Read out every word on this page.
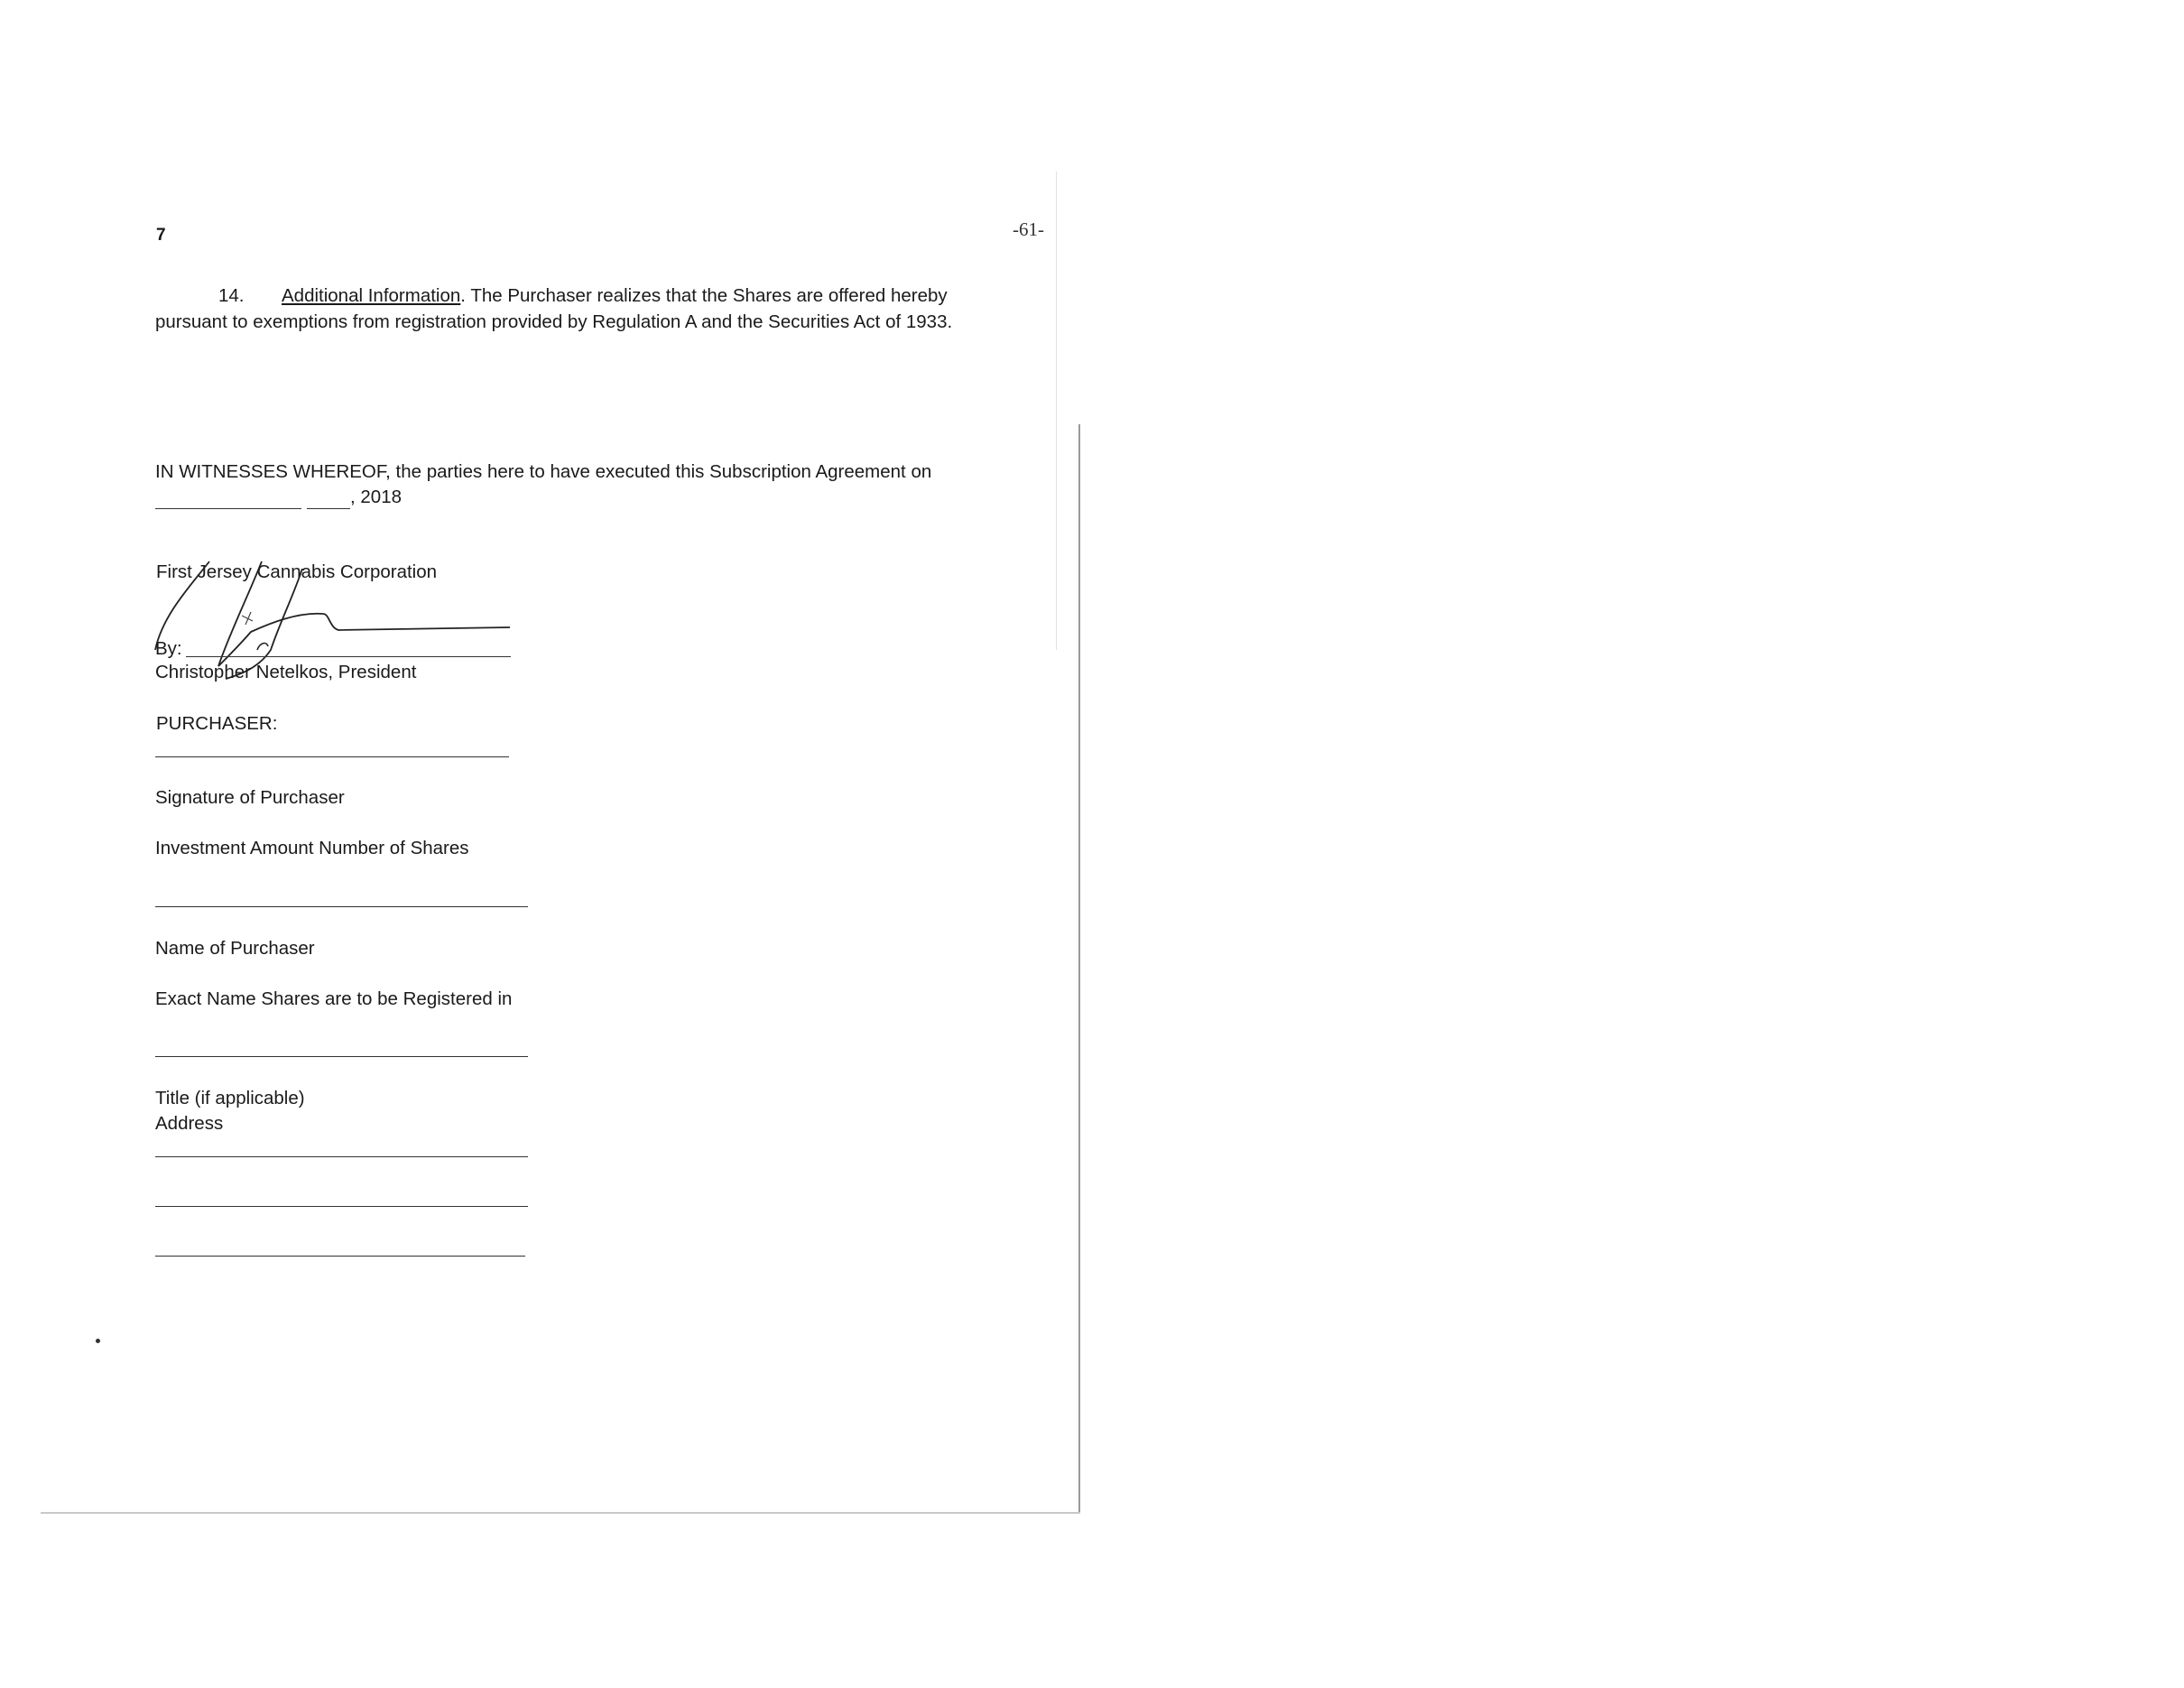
7	-61-
14. Additional Information. The Purchaser realizes that the Shares are offered hereby pursuant to exemptions from registration provided by Regulation A and the Securities Act of 1933.
IN WITNESSES WHEREOF, the parties here to have executed this Subscription Agreement on
, 2018
First Jersey Cannabis Corporation
By:
Christopher Netelkos, President
PURCHASER:
Signature of Purchaser
Investment Amount Number of Shares
Name of Purchaser
Exact Name Shares are to be Registered in
Title (if applicable)
Address
